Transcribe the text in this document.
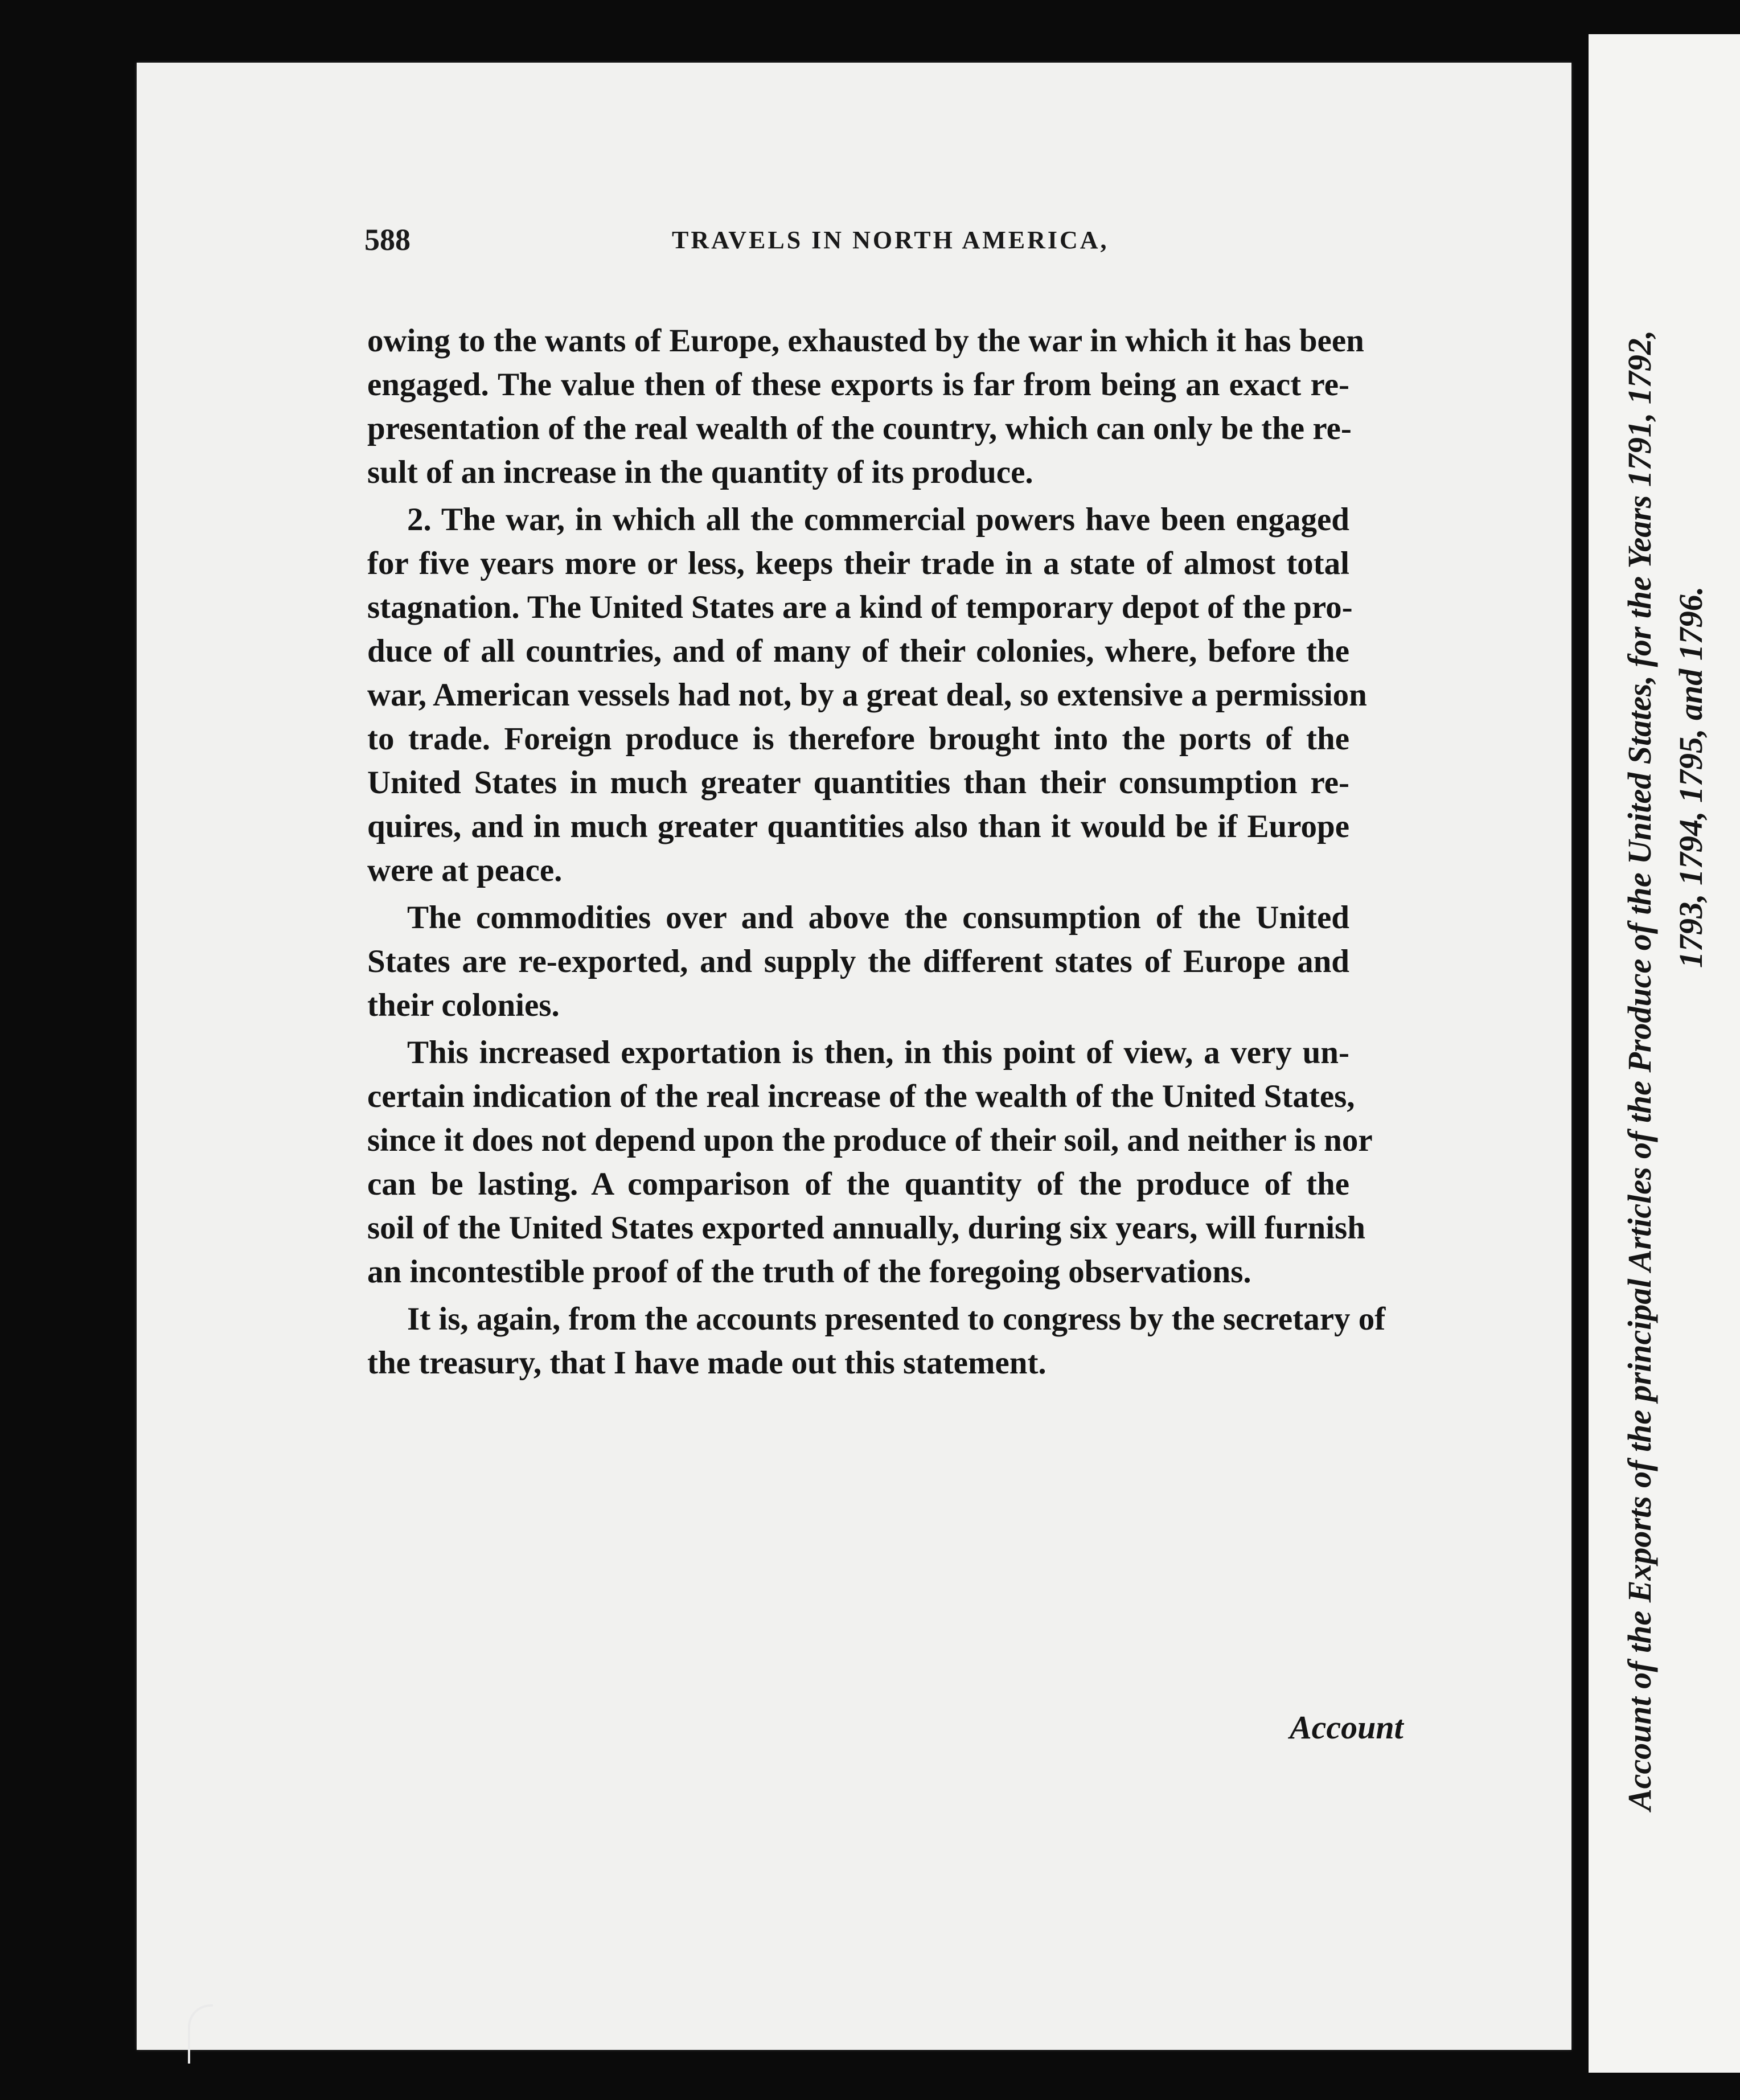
588	TRAVELS IN NORTH AMERICA,
owing to the wants of Europe, exhausted by the war in which it has been
engaged. The value then of these exports is far from being an exact re-
presentation of the real wealth of the country, which can only be the re-
sult of an increase in the quantity of its produce.
2. The war, in which all the commercial powers have been engaged
for five years more or less, keeps their trade in a state of almost total
stagnation. The United States are a kind of temporary depot of the pro-
duce of all countries, and of many of their colonies, where, before the
war, American vessels had not, by a great deal, so extensive a permission
to trade. Foreign produce is therefore brought into the ports of the
United States in much greater quantities than their consumption re-
quires, and in much greater quantities also than it would be if Europe
were at peace.
The commodities over and above the consumption of the United
States are re-exported, and supply the different states of Europe and
their colonies.
This increased exportation is then, in this point of view, a very un-
certain indication of the real increase of the wealth of the United States,
since it does not depend upon the produce of their soil, and neither is nor
can be lasting. A comparison of the quantity of the produce of the
soil of the United States exported annually, during six years, will furnish
an incontestible proof of the truth of the foregoing observations.
It is, again, from the accounts presented to congress by the secretary of
the treasury, that I have made out this statement.
Account	Account of the Exports of the principal Articles of the Produce of the United States, for the Years 1791, 1792, 1793, 1794, 1795, and 1796.
